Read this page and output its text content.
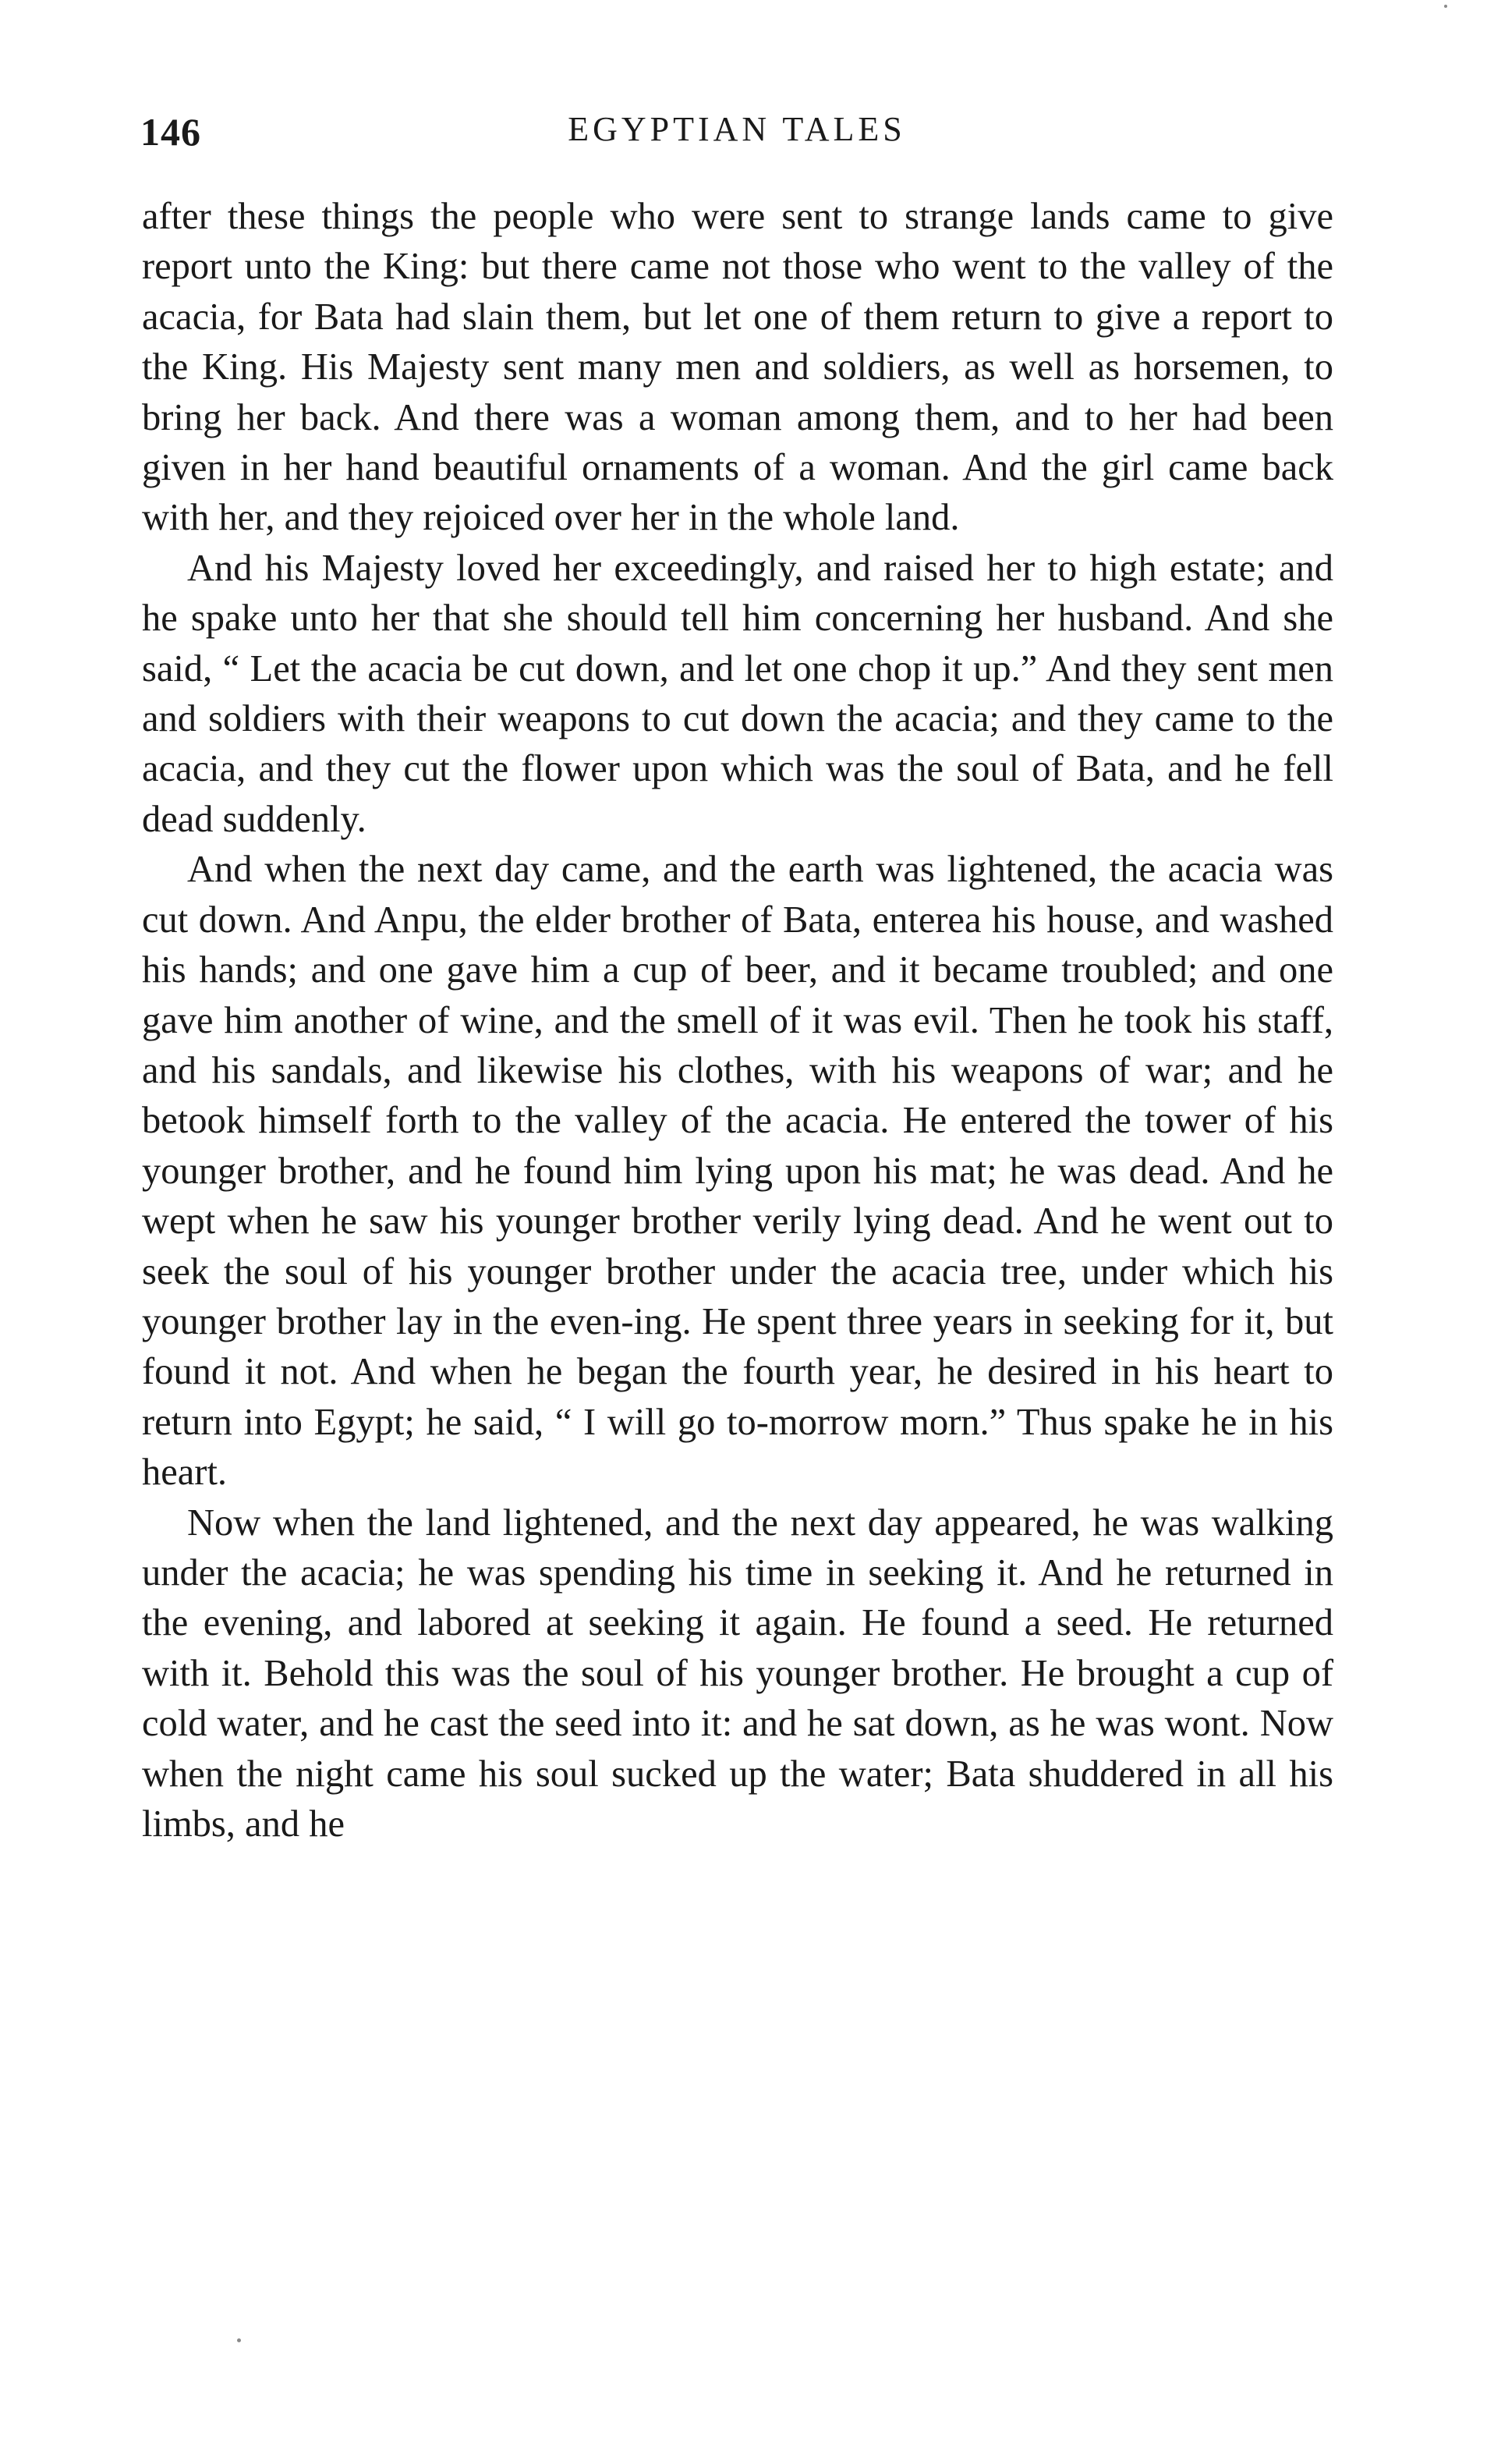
146	EGYPTIAN TALES

after these things the people who were sent to strange lands came to give report unto the King: but there came not those who went to the valley of the acacia, for Bata had slain them, but let one of them return to give a report to the King. His Majesty sent many men and soldiers, as well as horsemen, to bring her back. And there was a woman among them, and to her had been given in her hand beautiful ornaments of a woman. And the girl came back with her, and they rejoiced over her in the whole land.

And his Majesty loved her exceedingly, and raised her to high estate; and he spake unto her that she should tell him concerning her husband. And she said, “ Let the acacia be cut down, and let one chop it up.” And they sent men and soldiers with their weapons to cut down the acacia; and they came to the acacia, and they cut the flower upon which was the soul of Bata, and he fell dead suddenly.

And when the next day came, and the earth was lightened, the acacia was cut down. And Anpu, the elder brother of Bata, enterea his house, and washed his hands; and one gave him a cup of beer, and it became troubled; and one gave him another of wine, and the smell of it was evil. Then he took his staff, and his sandals, and likewise his clothes, with his weapons of war; and he betook himself forth to the valley of the acacia. He entered the tower of his younger brother, and he found him lying upon his mat; he was dead. And he wept when he saw his younger brother verily lying dead. And he went out to seek the soul of his younger brother under the acacia tree, under which his younger brother lay in the even-ing. He spent three years in seeking for it, but found it not. And when he began the fourth year, he desired in his heart to return into Egypt; he said, “ I will go to-morrow morn.” Thus spake he in his heart.

Now when the land lightened, and the next day appeared, he was walking under the acacia; he was spending his time in seeking it. And he returned in the evening, and labored at seeking it again. He found a seed. He returned with it. Behold this was the soul of his younger brother. He brought a cup of cold water, and he cast the seed into it: and he sat down, as he was wont. Now when the night came his soul sucked up the water; Bata shuddered in all his limbs, and he
